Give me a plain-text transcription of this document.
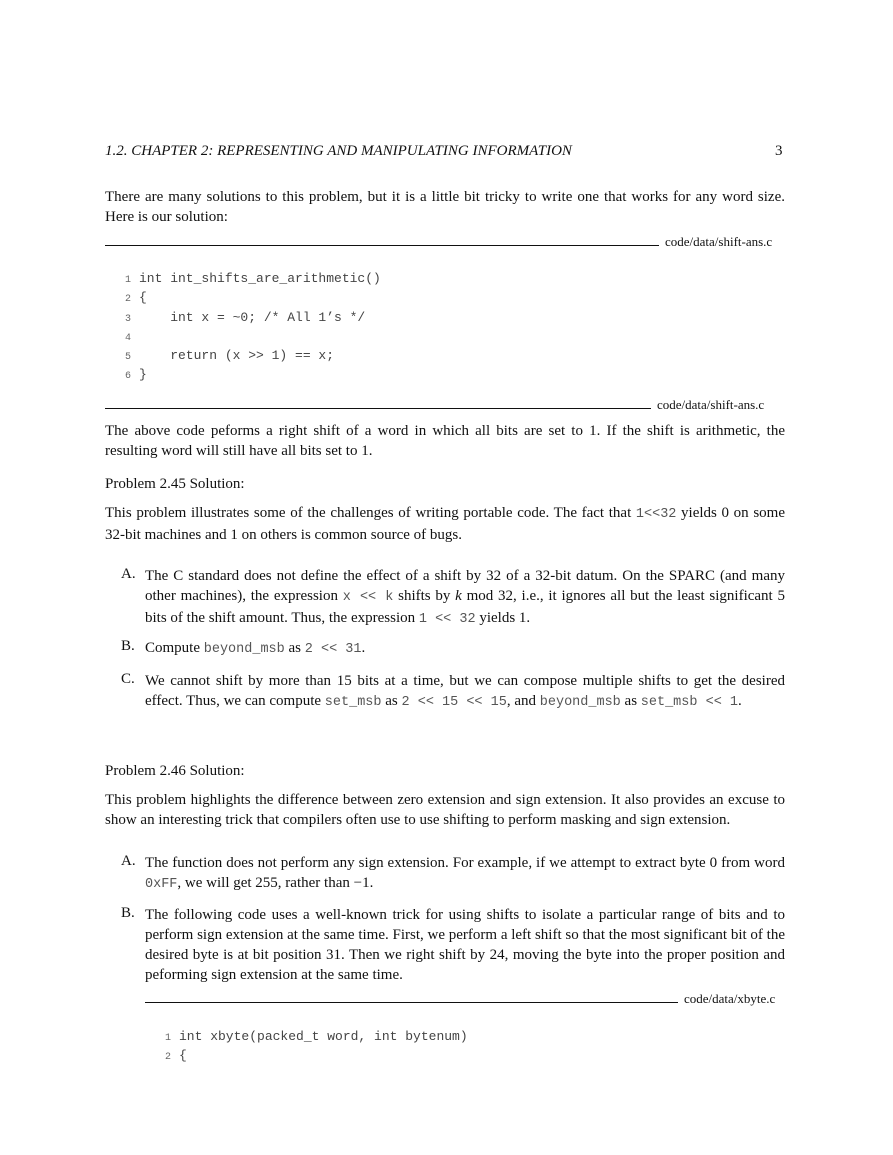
1.2. CHAPTER 2: REPRESENTING AND MANIPULATING INFORMATION	3
There are many solutions to this problem, but it is a little bit tricky to write one that works for any word size. Here is our solution:
code/data/shift-ans.c
1 int int_shifts_are_arithmetic()
2 {
3    int x = ~0; /* All 1’s */
4
5    return (x >> 1) == x;
6 }
code/data/shift-ans.c
The above code peforms a right shift of a word in which all bits are set to 1. If the shift is arithmetic, the resulting word will still have all bits set to 1.
Problem 2.45 Solution:
This problem illustrates some of the challenges of writing portable code. The fact that 1<<32 yields 0 on some 32-bit machines and 1 on others is common source of bugs.
A. The C standard does not define the effect of a shift by 32 of a 32-bit datum. On the SPARC (and many other machines), the expression x << k shifts by k mod 32, i.e., it ignores all but the least significant 5 bits of the shift amount. Thus, the expression 1 << 32 yields 1.
B. Compute beyond_msb as 2 << 31.
C. We cannot shift by more than 15 bits at a time, but we can compose multiple shifts to get the desired effect. Thus, we can compute set_msb as 2 << 15 << 15, and beyond_msb as set_msb << 1.
Problem 2.46 Solution:
This problem highlights the difference between zero extension and sign extension. It also provides an excuse to show an interesting trick that compilers often use to use shifting to perform masking and sign extension.
A. The function does not perform any sign extension. For example, if we attempt to extract byte 0 from word 0xFF, we will get 255, rather than −1.
B. The following code uses a well-known trick for using shifts to isolate a particular range of bits and to perform sign extension at the same time. First, we perform a left shift so that the most significant bit of the desired byte is at bit position 31. Then we right shift by 24, moving the byte into the proper position and peforming sign extension at the same time.
code/data/xbyte.c
1 int xbyte(packed_t word, int bytenum)
2 {
